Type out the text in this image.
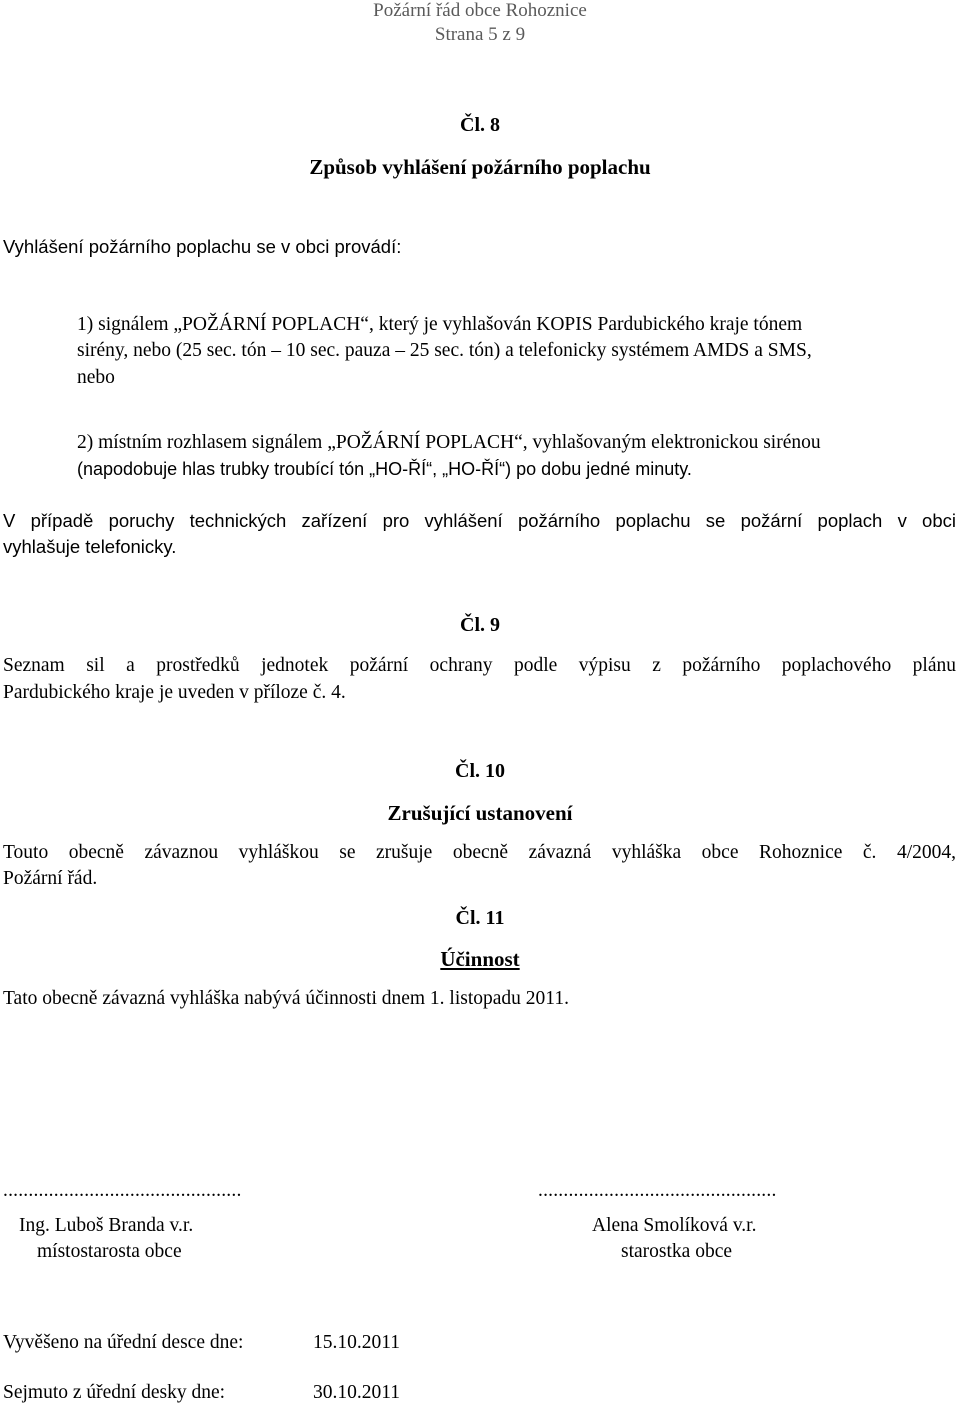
Požární řád obce Rohoznice
Strana 5 z 9
Čl. 8
Způsob vyhlášení požárního poplachu
Vyhlášení požárního poplachu se v obci provádí:
1) signálem „POŽÁRNÍ POPLACH“, který je vyhlašován KOPIS Pardubického kraje tónem
sirény, nebo (25 sec. tón – 10 sec. pauza – 25 sec. tón) a telefonicky systémem AMDS a SMS,
nebo
2) místním rozhlasem signálem „POŽÁRNÍ POPLACH“, vyhlašovaným elektronickou sirénou
(napodobuje hlas trubky troubící tón „HO-ŘÍ“, „HO-ŘÍ“) po dobu jedné minuty.
V případě poruchy technických zařízení pro vyhlášení požárního poplachu se požární poplach v obci
vyhlašuje telefonicky.
Čl. 9
Seznam sil a prostředků jednotek požární ochrany podle výpisu z požárního poplachového plánu
Pardubického kraje je uveden v příloze č. 4.
Čl. 10
Zrušující ustanovení
Touto obecně závaznou vyhláškou se zrušuje obecně závazná vyhláška obce Rohoznice č. 4/2004,
Požární řád.
Čl. 11
Účinnost
Tato obecně závazná vyhláška nabývá účinnosti dnem 1. listopadu 2011.
...............................................	...............................................
Ing. Luboš Branda v.r.	Alena Smolíková v.r.
místostarosta obce	starostka obce
Vyvěšeno na úřední desce dne:	15.10.2011
Sejmuto z úřední desky dne:	30.10.2011
